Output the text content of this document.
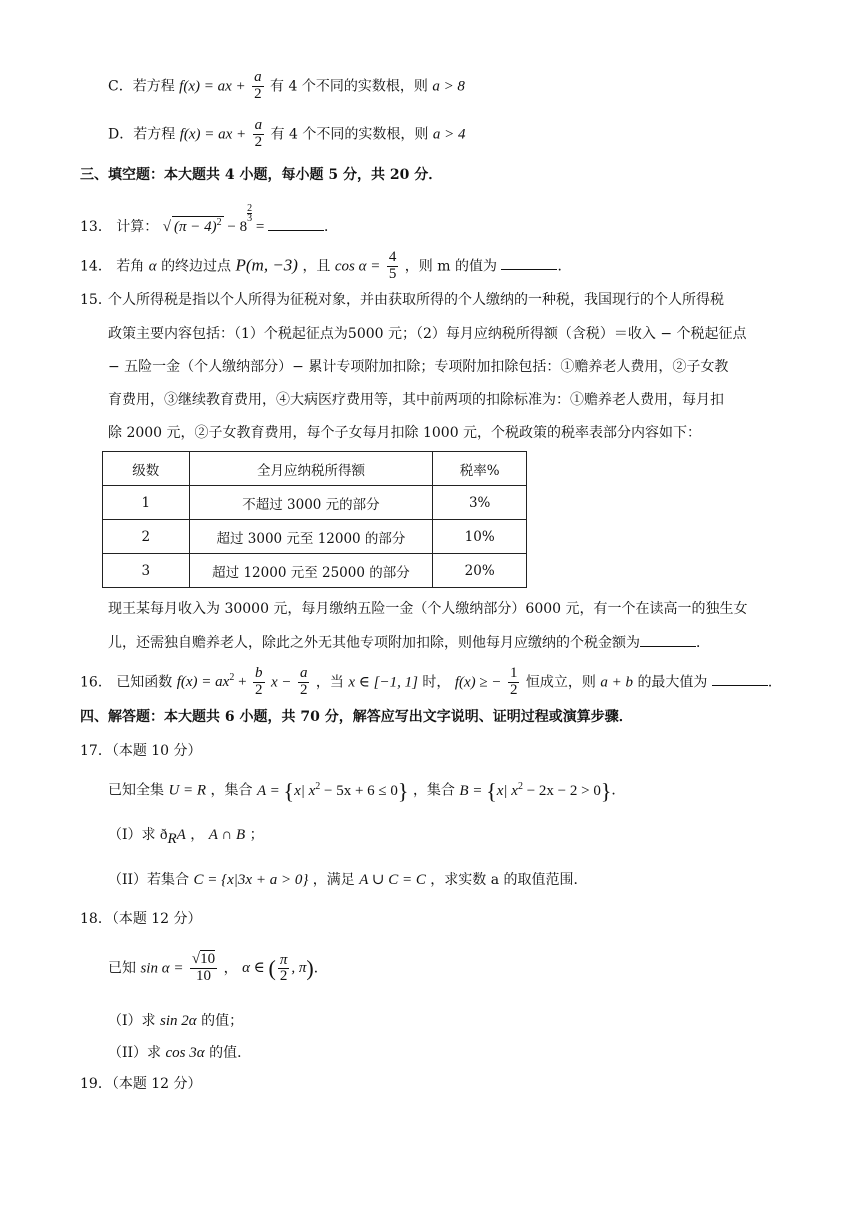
C．若方程 f(x) = ax + $\frac{a}{2}$ 有 4 个不同的实数根，则 a > 8
D．若方程 f(x) = ax + $\frac{a}{2}$ 有 4 个不同的实数根，则 a > 4
三、填空题：本大题共 4 小题，每小题 5 分，共 20 分．
13． 计算： √ $(\pi - 4)^2 - 8$
$^{\frac{2}{3}}$
=	．
14． 若角 α 的终边过点 P(m, −3) ，且 $\cos \alpha = \frac{4}{5}$ ，则 m 的值为	．
15．
个人所得税是指以个人所得为征税对象，并由获取所得的个人缴纳的一种税，我国现行的个人所得税
政策主要内容包括：（1）个税起征点为5000 元；（2）每月应纳税所得额（含税）＝收入 − 个税起征点
− 五险一金（个人缴纳部分）− 累计专项附加扣除；专项附加扣除包括：①赡养老人费用，②子女教
育费用，③继续教育费用，④大病医疗费用等，其中前两项的扣除标准为：①赡养老人费用，每月扣
除 2000 元，②子女教育费用，每个子女每月扣除 1000 元，个税政策的税率表部分内容如下：
级数	全月应纳税所得额	税率%
1	不超过 3000 元的部分	3%
2	超过 3000 元至 12000 的部分	10%
3	超过 12000 元至 25000 的部分	20%
现王某每月收入为 30000 元，每月缴纳五险一金（个人缴纳部分）6000 元，有一个在读高一的独生女
儿，还需独自赡养老人，除此之外无其他专项附加扣除，则他每月应缴纳的个税金额为	．
16． 已知函数 $f(x) = ax^2 + \frac{b}{2}$ $x - \frac{a}{2}$ ，当 x ∈ [−1, 1] 时， f(x) ≥ − $\frac{1}{2}$ 恒成立，则 a + b 的最大值为	．
四、解答题：本大题共 6 小题，共 70 分，解答应写出文字说明、证明过程或演算步骤．
17．（本题 10 分）
已知全集 U = R ，集合 A = {x| $x^2 - 5x + 6 \le 0$} ，集合 B = {x| $x^2 - 2x - 2 > 0$}．
（I）求 $ð_RA$ ， A ∩ B ；
（II）若集合 C = {x|3x + a > 0} ，满足 A ∪ C = C ，求实数 a 的取值范围．
18．（本题 12 分）
已知 $\sin \alpha = \frac{√10}{10}$ ， α ∈ ( $\frac{\pi}{2}$ , π)．
（I）求 sin 2α 的值；
（II）求 cos 3α 的值．
19．（本题 12 分）
